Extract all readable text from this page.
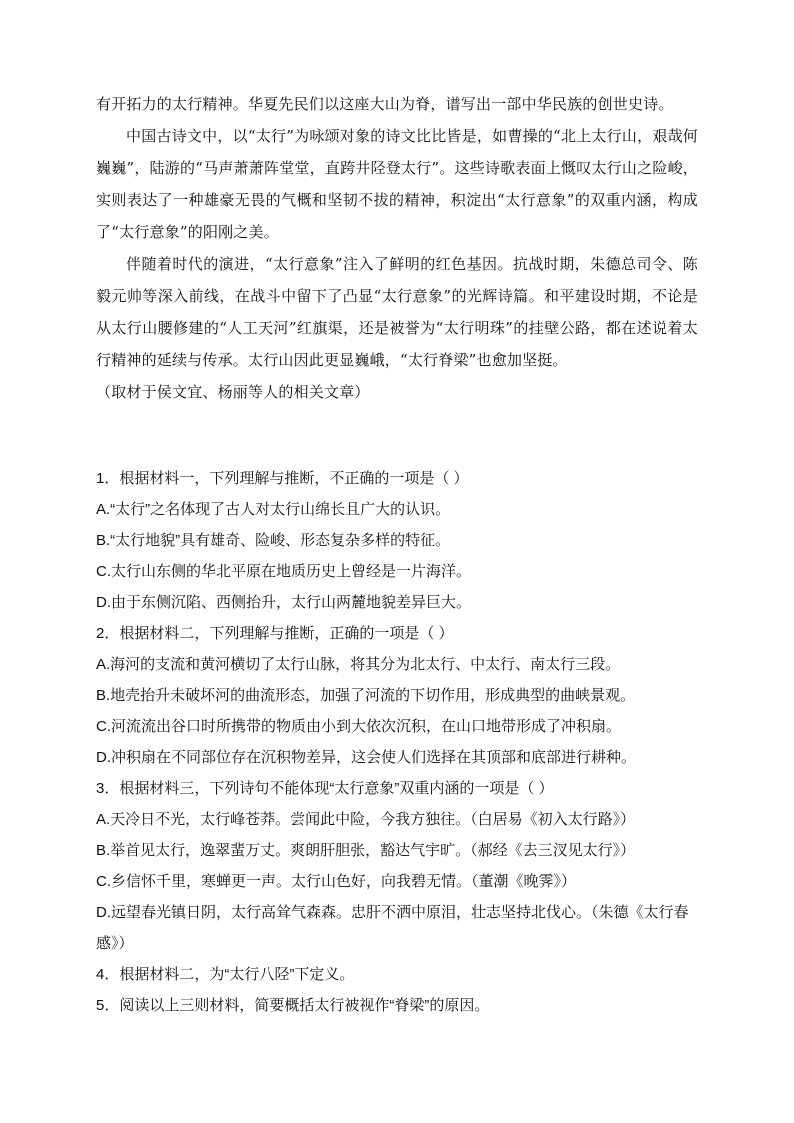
有开拓力的太行精神。华夏先民们以这座大山为脊，谱写出一部中华民族的创世史诗。

中国古诗文中，以“太行”为咏颂对象的诗文比比皆是，如曹操的“北上太行山，艰哉何巍巍”，陆游的“马声萧萧阵堂堂，直跨井陉登太行”。这些诗歌表面上慨叹太行山之险峻，实则表达了一种雄豪无畏的气概和坚韧不拔的精神，积淀出“太行意象”的双重内涵，构成了“太行意象”的阳刚之美。

伴随着时代的演进，“太行意象”注入了鲜明的红色基因。抗战时期，朱德总司令、陈毅元帅等深入前线，在战斗中留下了凸显“太行意象”的光辉诗篇。和平建设时期，不论是从太行山腰修建的“人工天河”红旗渠，还是被誉为“太行明珠”的挂壁公路，都在述说着太行精神的延续与传承。太行山因此更显巍峨，“太行脊梁”也愈加坚挺。

（取材于侯文宜、杨丽等人的相关文章）

1．根据材料一，下列理解与推断，不正确的一项是（ ）

A.“太行”之名体现了古人对太行山绵长且广大的认识。

B.“太行地貌”具有雄奇、险峻、形态复杂多样的特征。

C.太行山东侧的华北平原在地质历史上曾经是一片海洋。

D.由于东侧沉陷、西侧抬升，太行山两麓地貌差异巨大。

2．根据材料二，下列理解与推断，正确的一项是（ ）

A.海河的支流和黄河横切了太行山脉，将其分为北太行、中太行、南太行三段。

B.地壳抬升未破坏河的曲流形态，加强了河流的下切作用，形成典型的曲峡景观。

C.河流流出谷口时所携带的物质由小到大依次沉积，在山口地带形成了冲积扇。

D.冲积扇在不同部位存在沉积物差异，这会使人们选择在其顶部和底部进行耕种。

3．根据材料三，下列诗句不能体现“太行意象”双重内涵的一项是（ ）

A.天冷日不光，太行峰苍莽。尝闻此中险，今我方独往。（白居易《初入太行路》）

B.举首见太行，逸翠蜚万丈。爽朗肝胆张，豁达气宇旷。（郝经《去三汊见太行》）

C.乡信怀千里，寒蝉更一声。太行山色好，向我碧无情。（董潮《晚霁》）

D.远望春光镇日阴，太行高耸气森森。忠肝不洒中原泪，壮志坚持北伐心。（朱德《太行春感》）

4．根据材料二，为“太行八陉”下定义。

5．阅读以上三则材料，简要概括太行被视作“脊梁”的原因。
